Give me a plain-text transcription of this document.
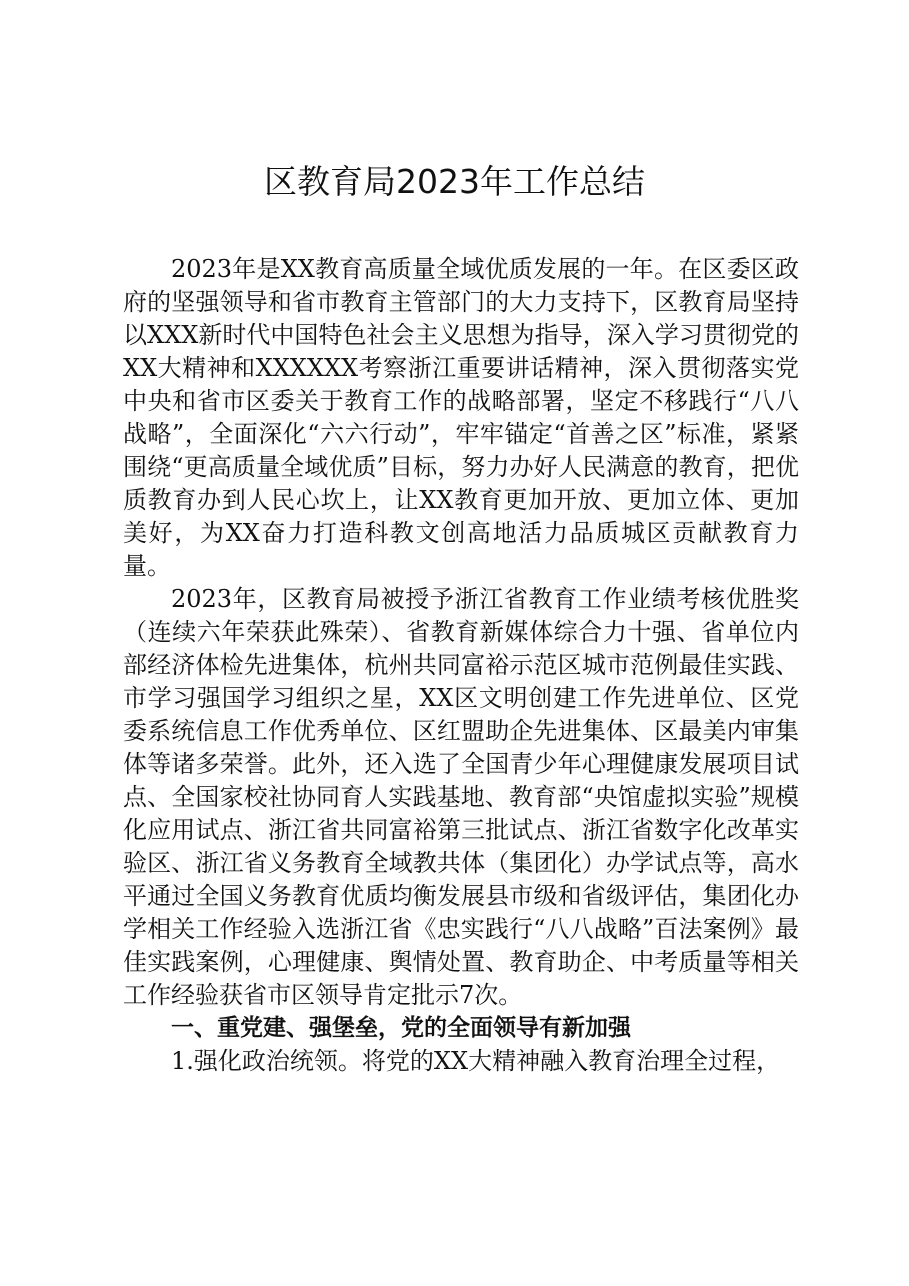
区教育局2023年工作总结

2023年是XX教育高质量全域优质发展的一年。在区委区政府的坚强领导和省市教育主管部门的大力支持下，区教育局坚持以XXX新时代中国特色社会主义思想为指导，深入学习贯彻党的XX大精神和XXXXXX考察浙江重要讲话精神，深入贯彻落实党中央和省市区委关于教育工作的战略部署，坚定不移践行“八八战略”，全面深化“六六行动”，牢牢锚定“首善之区”标准，紧紧围绕“更高质量全域优质”目标，努力办好人民满意的教育，把优质教育办到人民心坎上，让XX教育更加开放、更加立体、更加美好，为XX奋力打造科教文创高地活力品质城区贡献教育力量。

2023年，区教育局被授予浙江省教育工作业绩考核优胜奖（连续六年荣获此殊荣）、省教育新媒体综合力十强、省单位内部经济体检先进集体，杭州共同富裕示范区城市范例最佳实践、市学习强国学习组织之星，XX区文明创建工作先进单位、区党委系统信息工作优秀单位、区红盟助企先进集体、区最美内审集体等诸多荣誉。此外，还入选了全国青少年心理健康发展项目试点、全国家校社协同育人实践基地、教育部“央馆虚拟实验”规模化应用试点、浙江省共同富裕第三批试点、浙江省数字化改革实验区、浙江省义务教育全域教共体（集团化）办学试点等，高水平通过全国义务教育优质均衡发展县市级和省级评估，集团化办学相关工作经验入选浙江省《忠实践行“八八战略”百法案例》最佳实践案例，心理健康、舆情处置、教育助企、中考质量等相关工作经验获省市区领导肯定批示7次。

一、重党建、强堡垒，党的全面领导有新加强

1.强化政治统领。将党的XX大精神融入教育治理全过程，
